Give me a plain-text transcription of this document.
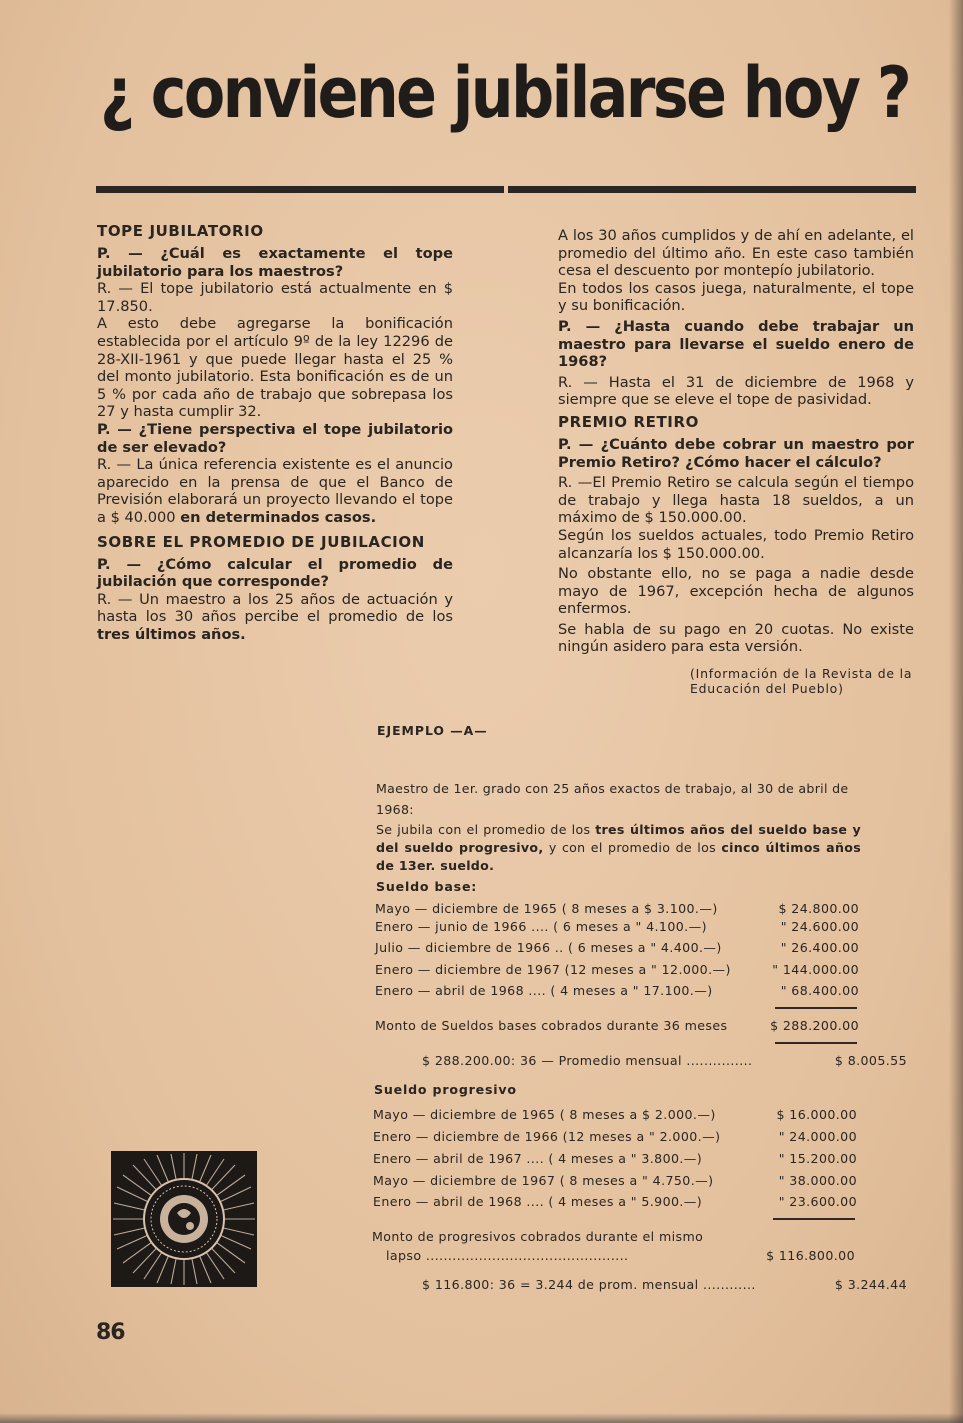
¿ conviene jubilarse hoy ?
TOPE JUBILATORIO

P. — ¿Cuál es exactamente el tope jubilatorio para los maestros?

R. — El tope jubilatorio está actualmente en $ 17.850.

A esto debe agregarse la bonificación establecida por el artículo 9º de la ley 12296 de 28-XII-1961 y que puede llegar hasta el 25 % del monto jubilatorio. Esta bonificación es de un 5 % por cada año de trabajo que sobrepasa los 27 y hasta cumplir 32.

P. — ¿Tiene perspectiva el tope jubilatorio de ser elevado?

R. — La única referencia existente es el anuncio aparecido en la prensa de que el Banco de Previsión elaborará un proyecto llevando el tope a $ 40.000 en determinados casos.

SOBRE EL PROMEDIO DE JUBILACION

P. — ¿Cómo calcular el promedio de jubilación que corresponde?

R. — Un maestro a los 25 años de actuación y hasta los 30 años percibe el promedio de los tres últimos años.

A los 30 años cumplidos y de ahí en adelante, el promedio del último año. En este caso también cesa el descuento por montepío jubilatorio.

En todos los casos juega, naturalmente, el tope y su bonificación.

P. — ¿Hasta cuando debe trabajar un maestro para llevarse el sueldo enero de 1968?

R. — Hasta el 31 de diciembre de 1968 y siempre que se eleve el tope de pasividad.

PREMIO RETIRO

P. — ¿Cuánto debe cobrar un maestro por Premio Retiro? ¿Cómo hacer el cálculo?

R. —El Premio Retiro se calcula según el tiempo de trabajo y llega hasta 18 sueldos, a un máximo de $ 150.000.00.

Según los sueldos actuales, todo Premio Retiro alcanzaría los $ 150.000.00.

No obstante ello, no se paga a nadie desde mayo de 1967, excepción hecha de algunos enfermos.

Se habla de su pago en 20 cuotas. No existe ningún asidero para esta versión.

(Información de la Revista de la Educación del Pueblo)

EJEMPLO —A—
Maestro de 1er. grado con 25 años exactos de trabajo, al 30 de abril de 1968:
Se jubila con el promedio de los tres últimos años del sueldo base y del sueldo progresivo, y con el promedio de los cinco últimos años de 13er. sueldo.
Sueldo base:
Mayo — diciembre de 1965 ( 8 meses a $ 3.100.—)	$ 24.800.00
Enero — junio de 1966 .... ( 6 meses a " 4.100.—)	" 24.600.00
Julio — diciembre de 1966 .. ( 6 meses a " 4.400.—)	" 26.400.00
Enero — diciembre de 1967 (12 meses a " 12.000.—)	" 144.000.00
Enero — abril de 1968 .... ( 4 meses a " 17.100.—)	" 68.400.00
Monto de Sueldos bases cobrados durante 36 meses	$ 288.200.00
$ 288.200.00: 36 — Promedio mensual ...............	$ 8.005.55
Sueldo progresivo
Mayo — diciembre de 1965 ( 8 meses a $ 2.000.—)	$ 16.000.00
Enero — diciembre de 1966 (12 meses a " 2.000.—)	" 24.000.00
Enero — abril de 1967 .... ( 4 meses a " 3.800.—)	" 15.200.00
Mayo — diciembre de 1967 ( 8 meses a " 4.750.—)	" 38.000.00
Enero — abril de 1968 .... ( 4 meses a " 5.900.—)	" 23.600.00
Monto de progresivos cobrados durante el mismo
lapso ..............................................	$ 116.800.00
$ 116.800: 36 = 3.244 de prom. mensual ............	$ 3.244.44
86
